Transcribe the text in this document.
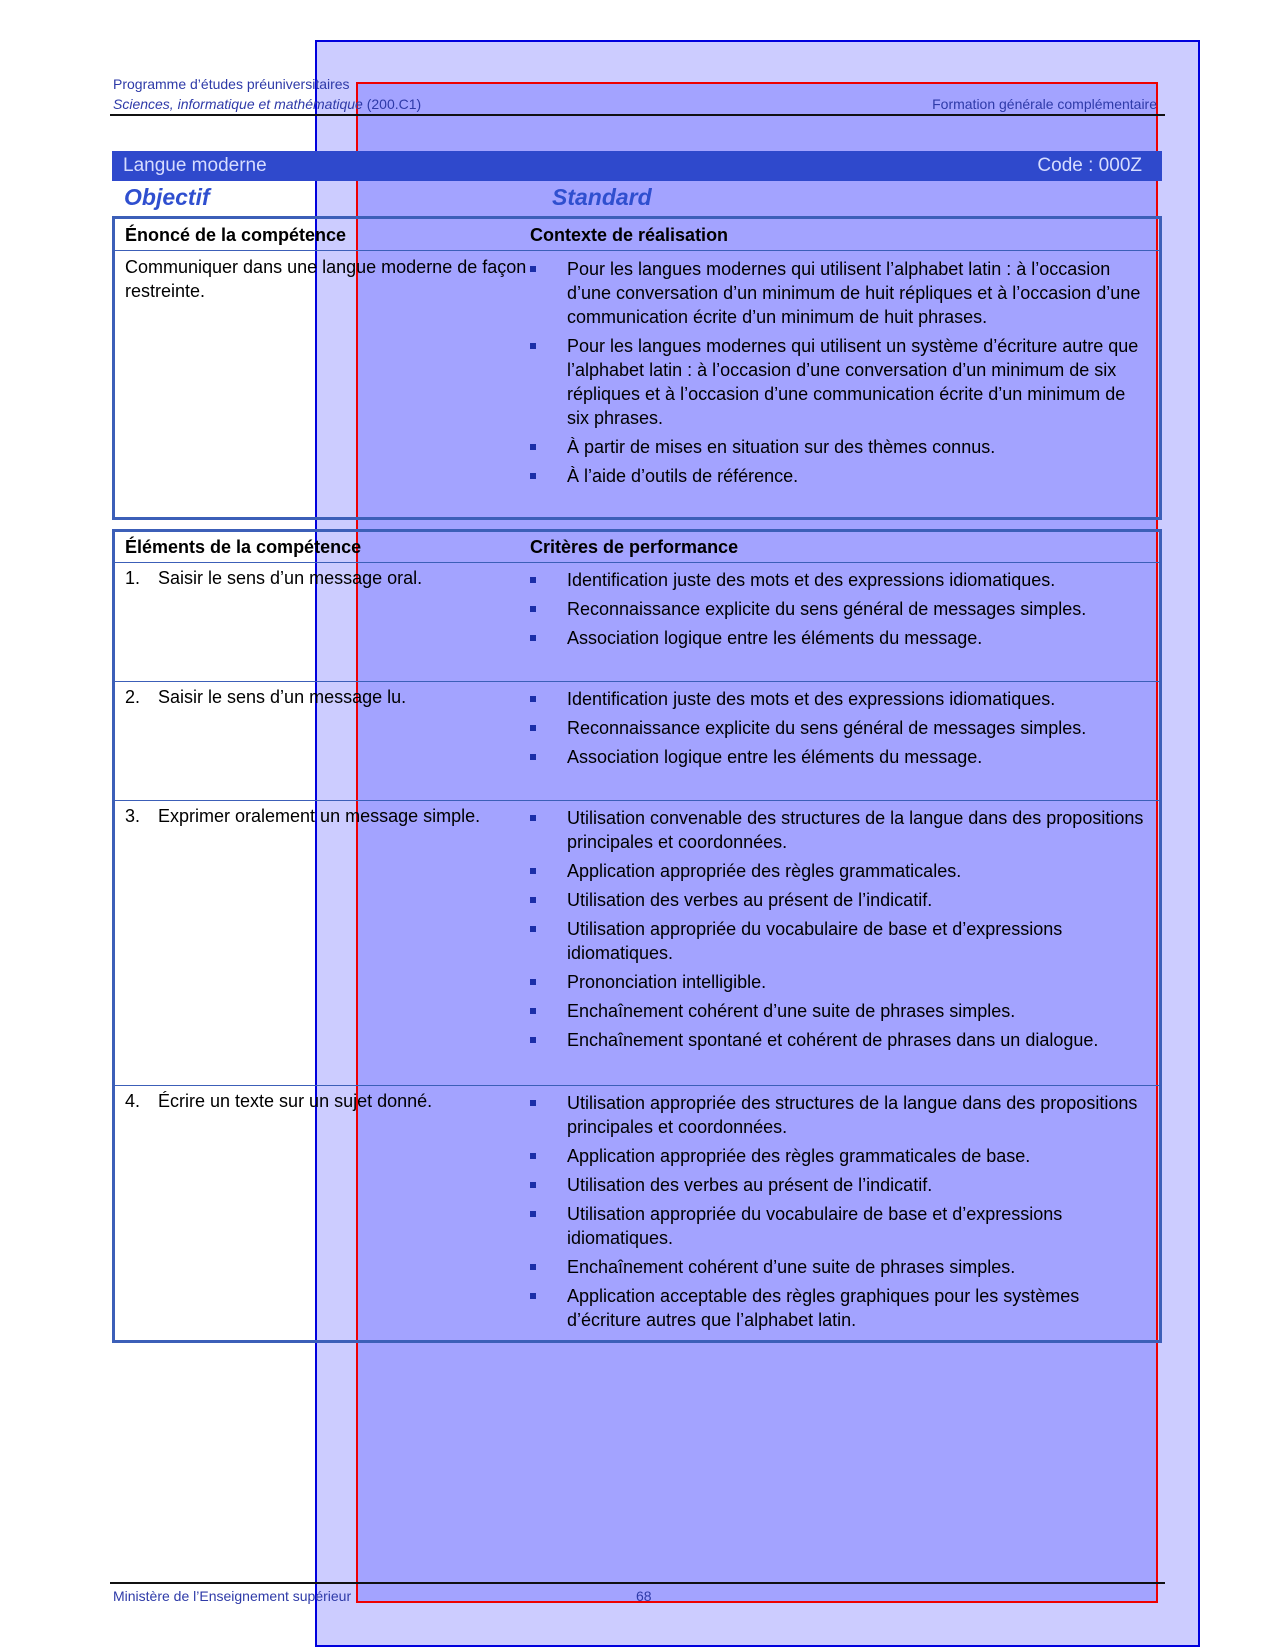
Programme d’études préuniversitaires
Sciences, informatique et mathématique (200.C1)	Formation générale complémentaire
Langue moderne	Code : 000Z
Objectif	Standard
Énoncé de la compétence	Contexte de réalisation
Communiquer dans une langue moderne de façon restreinte.
Pour les langues modernes qui utilisent l’alphabet latin : à l’occasion d’une conversation d’un minimum de huit répliques et à l’occasion d’une communication écrite d’un minimum de huit phrases.
Pour les langues modernes qui utilisent un système d’écriture autre que l’alphabet latin : à l’occasion d’une conversation d’un minimum de six répliques et à l’occasion d’une communication écrite d’un minimum de six phrases.
À partir de mises en situation sur des thèmes connus.
À l’aide d’outils de référence.
Éléments de la compétence	Critères de performance
1. Saisir le sens d’un message oral.	Identification juste des mots et des expressions idiomatiques.
Reconnaissance explicite du sens général de messages simples.
Association logique entre les éléments du message.
2. Saisir le sens d’un message lu.	Identification juste des mots et des expressions idiomatiques.
Reconnaissance explicite du sens général de messages simples.
Association logique entre les éléments du message.
3. Exprimer oralement un message simple.	Utilisation convenable des structures de la langue dans des propositions principales et coordonnées.
Application appropriée des règles grammaticales.
Utilisation des verbes au présent de l’indicatif.
Utilisation appropriée du vocabulaire de base et d’expressions idiomatiques.
Prononciation intelligible.
Enchaînement cohérent d’une suite de phrases simples.
Enchaînement spontané et cohérent de phrases dans un dialogue.
4. Écrire un texte sur un sujet donné.	Utilisation appropriée des structures de la langue dans des propositions principales et coordonnées.
Application appropriée des règles grammaticales de base.
Utilisation des verbes au présent de l’indicatif.
Utilisation appropriée du vocabulaire de base et d’expressions idiomatiques.
Enchaînement cohérent d’une suite de phrases simples.
Application acceptable des règles graphiques pour les systèmes d’écriture autres que l’alphabet latin.
Ministère de l’Enseignement supérieur	68
